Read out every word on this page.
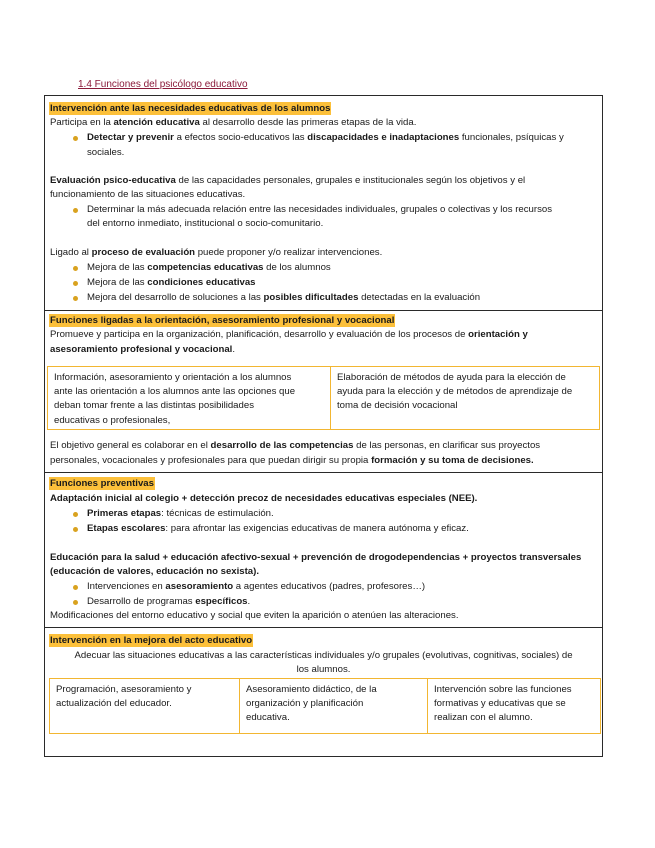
1.4 Funciones del psicólogo educativo
Intervención ante las necesidades educativas de los alumnos
Participa en la atención educativa al desarrollo desde las primeras etapas de la vida.
Detectar y prevenir a efectos socio-educativos las discapacidades e inadaptaciones funcionales, psíquicas y
sociales.
Evaluación psico-educativa de las capacidades personales, grupales e institucionales según los objetivos y el
funcionamiento de las situaciones educativas.
Determinar la más adecuada relación entre las necesidades individuales, grupales o colectivas y los recursos
del entorno inmediato, institucional o socio-comunitario.
Ligado al proceso de evaluación puede proponer y/o realizar intervenciones.
Mejora de las competencias educativas de los alumnos
Mejora de las condiciones educativas
Mejora del desarrollo de soluciones a las posibles dificultades detectadas en la evaluación
Funciones ligadas a la orientación, asesoramiento profesional y vocacional
Promueve y participa en la organización, planificación, desarrollo y evaluación de los procesos de orientación y
asesoramiento profesional y vocacional.
Información, asesoramiento y orientación a los alumnos
ante las orientación a los alumnos ante las opciones que
deban tomar frente a las distintas posibilidades
educativas o profesionales,
Elaboración de métodos de ayuda para la elección de
ayuda para la elección y de métodos de aprendizaje de
toma de decisión vocacional
El objetivo general es colaborar en el desarrollo de las competencias de las personas, en clarificar sus proyectos
personales, vocacionales y profesionales para que puedan dirigir su propia formación y su toma de decisiones.
Funciones preventivas
Adaptación inicial al colegio + detección precoz de necesidades educativas especiales (NEE).
Primeras etapas: técnicas de estimulación.
Etapas escolares: para afrontar las exigencias educativas de manera autónoma y eficaz.
Educación para la salud + educación afectivo-sexual + prevención de drogodependencias + proyectos transversales
(educación de valores, educación no sexista).
Intervenciones en asesoramiento a agentes educativos (padres, profesores…)
Desarrollo de programas específicos.
Modificaciones del entorno educativo y social que eviten la aparición o atenúen las alteraciones.
Intervención en la mejora del acto educativo
Adecuar las situaciones educativas a las características individuales y/o grupales (evolutivas, cognitivas, sociales) de
los alumnos.
Programación, asesoramiento y
actualización del educador.
Asesoramiento didáctico, de la
organización y planificación
educativa.
Intervención sobre las funciones
formativas y educativas que se
realizan con el alumno.
